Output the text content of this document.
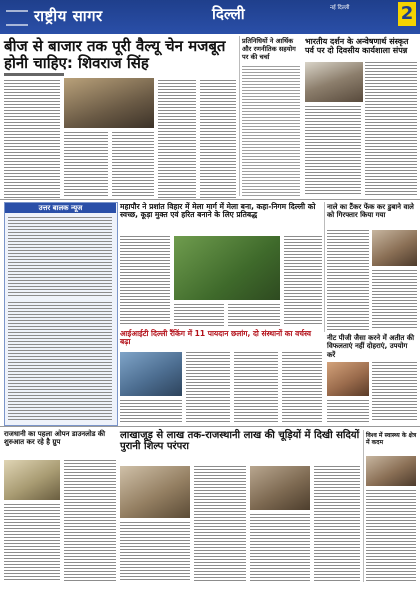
राष्ट्रीय सागर	दिल्ली	नई दिल्ली	2
बीज से बाजार तक पूरी वैल्यू चेन मजबूत होनी चाहिए: शिवराज सिंह
प्रतिनिधियों ने आर्थिक और रणनीतिक सहयोग पर की चर्चा
भारतीय दर्शन के अन्वेषणार्थ संस्कृत पर्व पर दो दिवसीय कार्यशाला संपन्न
उत्तर बालक न्यूज	महापौर ने प्रशांत विहार में मेला मार्ग में मेला बना, कहा-निगम दिल्ली को स्वच्छ, कूड़ा मुक्त एवं हरित बनाने के लिए प्रतिबद्ध
नाले का टैंकर फेंक कर डुबाने वाले को गिरफ्तार किया गया
आईआईटी दिल्ली रैंकिंग में 11 पायदान छलांग, दो संस्थानों का वर्चस्व बढ़ा	नीट पीजी जैसा करने में अतीत की विफलताएं नहीं दोहराएं, उपयोग करें
राजधानी का पहला ओपन डाउनलोड की शुरुआत कर रहे है ग्रुप
लाखाजूड़ से लाख तक-राजस्थानी लाख की चूड़ियों में दिखी सदियों पुरानी शिल्प परंपरा
विश्व में स्वास्थ्य के क्षेत्र में कदम
